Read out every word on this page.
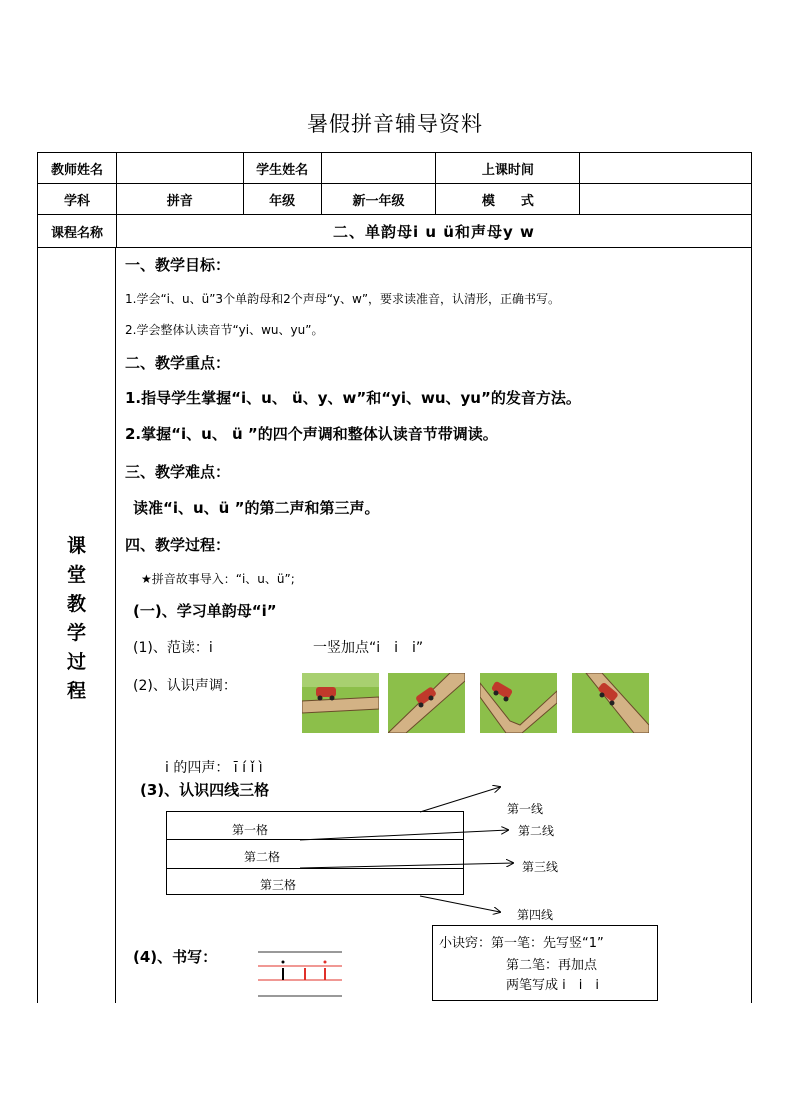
暑假拼音辅导资料
教师姓名		学生姓名		上课时间	
学科	拼音	年级	新一年级	模　　式	
课程名称	二、单韵母i u ü和声母y w				
课
堂
教
学
过
程
一、教学目标：
1.学会“i、u、ü”3个单韵母和2个声母“y、w”，要求读准音，认清形，正确书写。
2.学会整体认读音节“yi、wu、yu”。
二、教学重点：
1.指导学生掌握“i、u、 ü、y、w”和“yi、wu、yu”的发音方法。
2.掌握“i、u、 ü ”的四个声调和整体认读音节带调读。
三、教学难点：
读准“i、u、ü ”的第二声和第三声。
四、教学过程：
★拼音故事导入：“i、u、ü”;
(一)、学习单韵母“i”
(1)、范读：i	一竖加点“i　i　i”
(2)、认识声调：
i 的四声： ī í ǐ ì
(3)、认识四线三格
第一格
第二格
第三格
第一线
第二线
第三线
第四线
(4)、书写：
小诀窍：第一笔：先写竖“1”
第二笔：再加点
两笔写成 i　i　i
